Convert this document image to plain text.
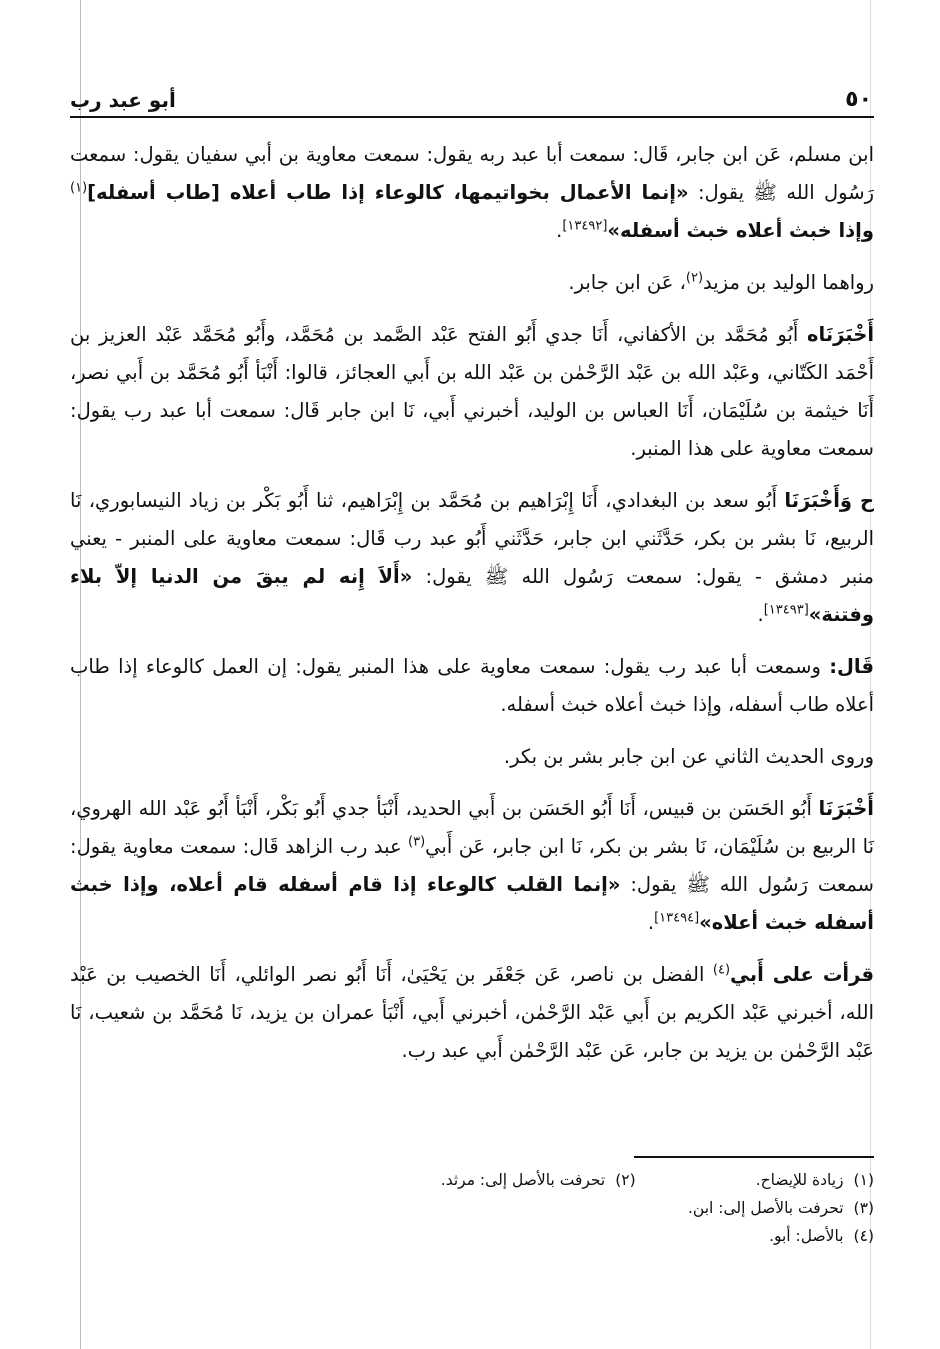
٥٠
أبو عبد رب

ابن مسلم، عَن ابن جابر، قَال: سمعت أبا عبد ربه يقول: سمعت معاوية بن أبي سفيان يقول: سمعت رَسُول الله ﷺ يقول: «إنما الأعمال بخواتيمها، كالوعاء إذا طاب أعلاه [طاب أسفله]$^{(١)}$ وإذا خبث أعلاه خبث أسفله»[١٣٤٩٢].

رواهما الوليد بن مزيد$^{(٢)}$، عَن ابن جابر.

أَخْبَرَنَاه أَبُو مُحَمَّد بن الأكفاني، أَنَا جدي أَبُو الفتح عَبْد الصَّمد بن مُحَمَّد، وأَبُو مُحَمَّد عَبْد العزيز بن أَحْمَد الكَتّاني، وعَبْد الله بن عَبْد الرَّحْمٰن بن عَبْد الله بن أَبي العجائز، قالوا: أَنْبَأ أَبُو مُحَمَّد بن أَبي نصر، أَنَا خيثمة بن سُلَيْمَان، أَنَا العباس بن الوليد، أخبرني أَبي، نَا ابن جابر قَال: سمعت أبا عبد رب يقول: سمعت معاوية على هذا المنبر.

ح وَأَخْبَرَنَا أَبُو سعد بن البغدادي، أَنَا إِبْرَاهيم بن مُحَمَّد بن إِبْرَاهيم، ثنا أَبُو بَكْر بن زياد النيسابوري، نَا الربيع، نَا بشر بن بكر، حَدَّثَني ابن جابر، حَدَّثَني أَبُو عبد رب قَال: سمعت معاوية على المنبر - يعني منبر دمشق - يقول: سمعت رَسُول الله ﷺ يقول: «أَلاَ إِنه لم يبقَ من الدنيا إلاّ بلاء وفتنة»[١٣٤٩٣].

قَال: وسمعت أبا عبد رب يقول: سمعت معاوية على هذا المنبر يقول: إن العمل كالوعاء إذا طاب أعلاه طاب أسفله، وإذا خبث أعلاه خبث أسفله.

وروى الحديث الثاني عن ابن جابر بشر بن بكر.

أَخْبَرَنَا أَبُو الحَسَن بن قبيس، أَنَا أَبُو الحَسَن بن أَبي الحديد، أَنْبَأ جدي أَبُو بَكْر، أَنْبَأ أَبُو عَبْد الله الهروي، نَا الربيع بن سُلَيْمَان، نَا بشر بن بكر، نَا ابن جابر، عَن أَبي$^{(٣)}$ عبد رب الزاهد قَال: سمعت معاوية يقول: سمعت رَسُول الله ﷺ يقول: «إنما القلب كالوعاء إذا قام أسفله قام أعلاه، وإذا خبث أسفله خبث أعلاه»[١٣٤٩٤].

قرأت على أَبي$^{(٤)}$ الفضل بن ناصر، عَن جَعْفَر بن يَحْيَىٰ، أَنَا أَبُو نصر الوائلي، أَنَا الخصيب بن عَبْد الله، أخبرني عَبْد الكريم بن أَبي عَبْد الرَّحْمٰن، أخبرني أَبي، أَنْبَأ عمران بن يزيد، نَا مُحَمَّد بن شعيب، نَا عَبْد الرَّحْمٰن بن يزيد بن جابر، عَن عَبْد الرَّحْمٰن أَبي عبد رب.

(١)زيادة للإيضاح.
(٢)تحرفت بالأصل إلى: مرثد.
(٣)تحرفت بالأصل إلى: ابن.
(٤)بالأصل: أبو.
